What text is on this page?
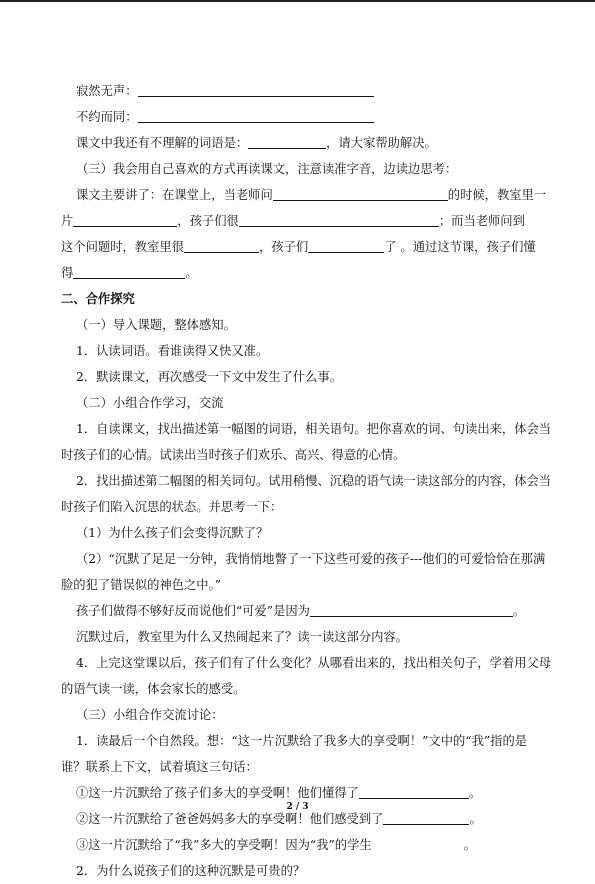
寂然无声：
不约而同：
课文中我还有不理解的词语是：	，请大家帮助解决。
（三）我会用自己喜欢的方式再读课文，注意读准字音，边读边思考：
课文主要讲了：在课堂上，当老师问	的时候，教室里一
片	，孩子们很	；而当老师问到
这个问题时，教室里很	，孩子们	了 。通过这节课，孩子们懂
得	。
二、合作探究
（一）导入课题，整体感知。
1．认读词语。看谁读得又快又准。
2．默读课文，再次感受一下文中发生了什么事。
（二）小组合作学习，交流
1．自读课文，找出描述第一幅图的词语，相关语句。把你喜欢的词、句读出来，体会当
时孩子们的心情。试读出当时孩子们欢乐、高兴、得意的心情。
2．找出描述第二幅图的相关词句。试用稍慢、沉稳的语气读一读这部分的内容，体会当
时孩子们陷入沉思的状态。并思考一下：
（1）为什么孩子们会变得沉默了？
（2）“沉默了足足一分钟，我悄悄地瞥了一下这些可爱的孩子---他们的可爱恰恰在那满
脸的犯了错误似的神色之中。”
孩子们做得不够好反而说他们“可爱”是因为	。
沉默过后，教室里为什么又热闹起来了？读一读这部分内容。
4．上完这堂课以后，孩子们有了什么变化？从哪看出来的，找出相关句子，学着用父母
的语气读一读，体会家长的感受。
（三）小组合作交流讨论：
1．读最后一个自然段。想：“这一片沉默给了我多大的享受啊！”文中的“我”指的是
谁？联系上下文，试着填这三句话：
①这一片沉默给了孩子们多大的享受啊！他们懂得了	。
②这一片沉默给了爸爸妈妈多大的享受啊！他们感受到了	。
③这一片沉默给了“我”多大的享受啊！因为“我”的学生	。
2．为什么说孩子们的这种沉默是可贵的？
2 / 3
